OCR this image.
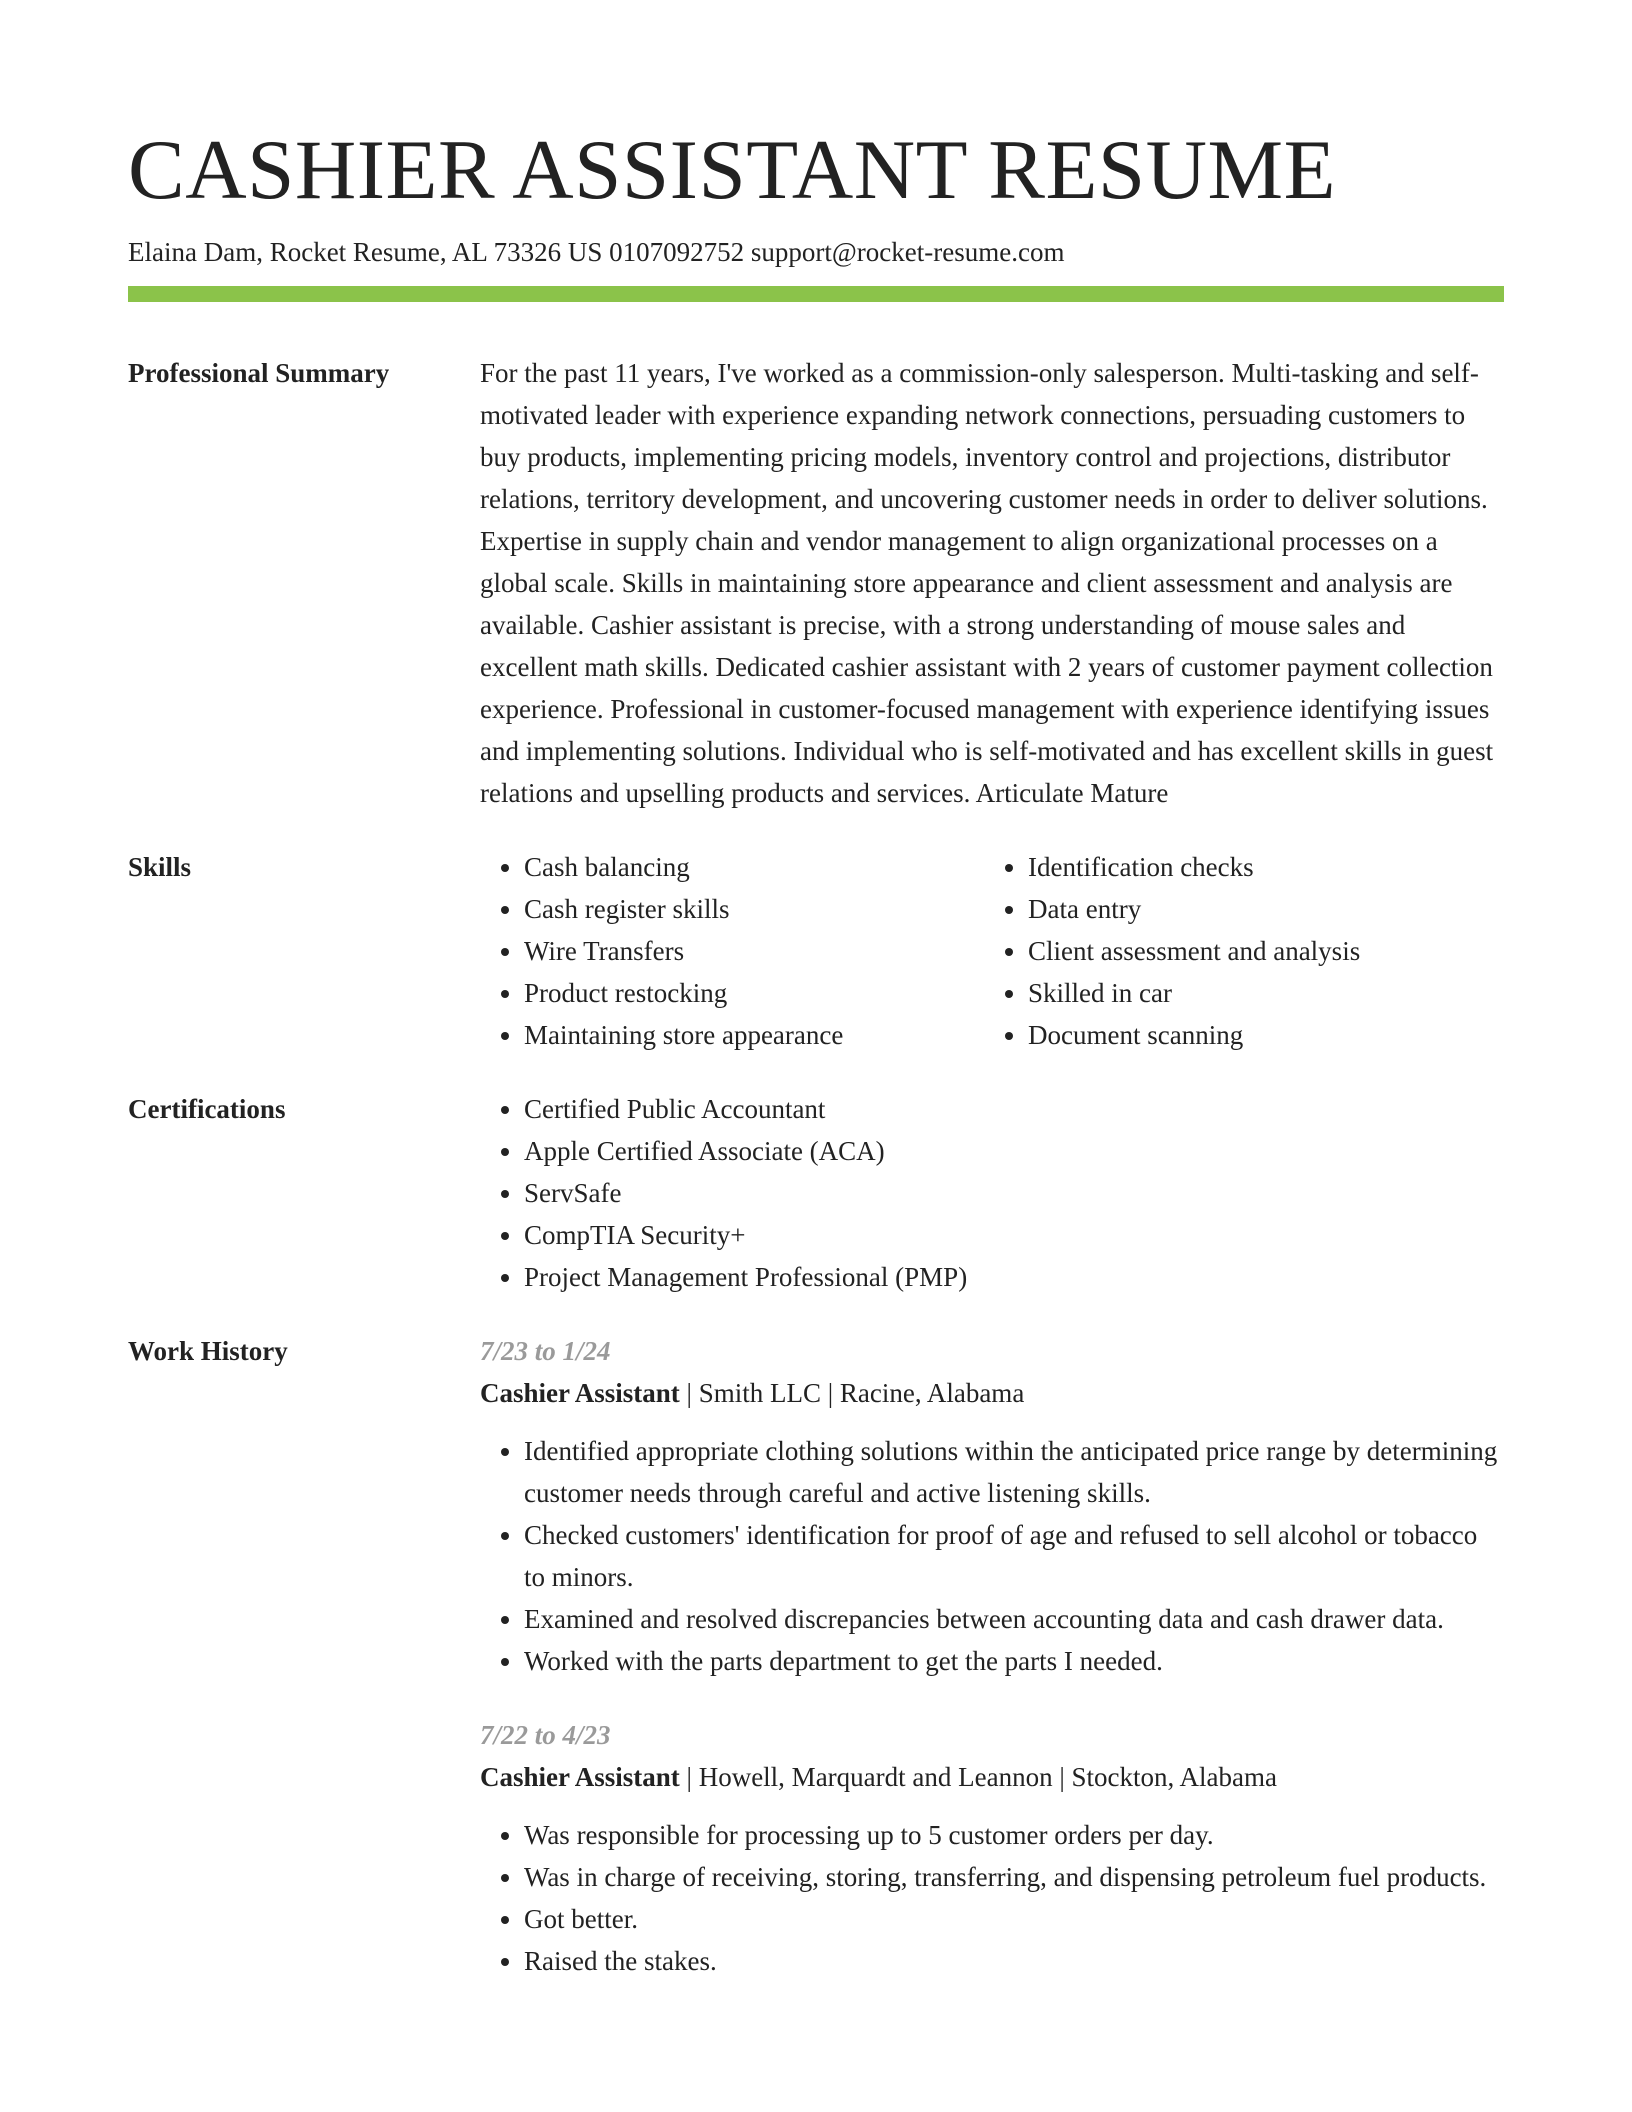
CASHIER ASSISTANT RESUME
Elaina Dam, Rocket Resume, AL 73326 US 0107092752 support@rocket-resume.com
Professional Summary	For the past 11 years, I've worked as a commission-only salesperson. Multi-tasking and self-motivated leader with experience expanding network connections, persuading customers to buy products, implementing pricing models, inventory control and projections, distributor relations, territory development, and uncovering customer needs in order to deliver solutions. Expertise in supply chain and vendor management to align organizational processes on a global scale. Skills in maintaining store appearance and client assessment and analysis are available. Cashier assistant is precise, with a strong understanding of mouse sales and excellent math skills. Dedicated cashier assistant with 2 years of customer payment collection experience. Professional in customer-focused management with experience identifying issues and implementing solutions. Individual who is self-motivated and has excellent skills in guest relations and upselling products and services. Articulate Mature

Skills	• Cash balancing
• Cash register skills
• Wire Transfers
• Product restocking
• Maintaining store appearance
• Identification checks
• Data entry
• Client assessment and analysis
• Skilled in car
• Document scanning
Certifications	• Certified Public Accountant
• Apple Certified Associate (ACA)
• ServSafe
• CompTIA Security+
• Project Management Professional (PMP)
Work History	7/23 to 1/24
Cashier Assistant | Smith LLC | Racine, Alabama
• Identified appropriate clothing solutions within the anticipated price range by determining customer needs through careful and active listening skills.
• Checked customers' identification for proof of age and refused to sell alcohol or tobacco to minors.
• Examined and resolved discrepancies between accounting data and cash drawer data.
• Worked with the parts department to get the parts I needed.
7/22 to 4/23
Cashier Assistant | Howell, Marquardt and Leannon | Stockton, Alabama
• Was responsible for processing up to 5 customer orders per day.
• Was in charge of receiving, storing, transferring, and dispensing petroleum fuel products.
• Got better.
• Raised the stakes.
